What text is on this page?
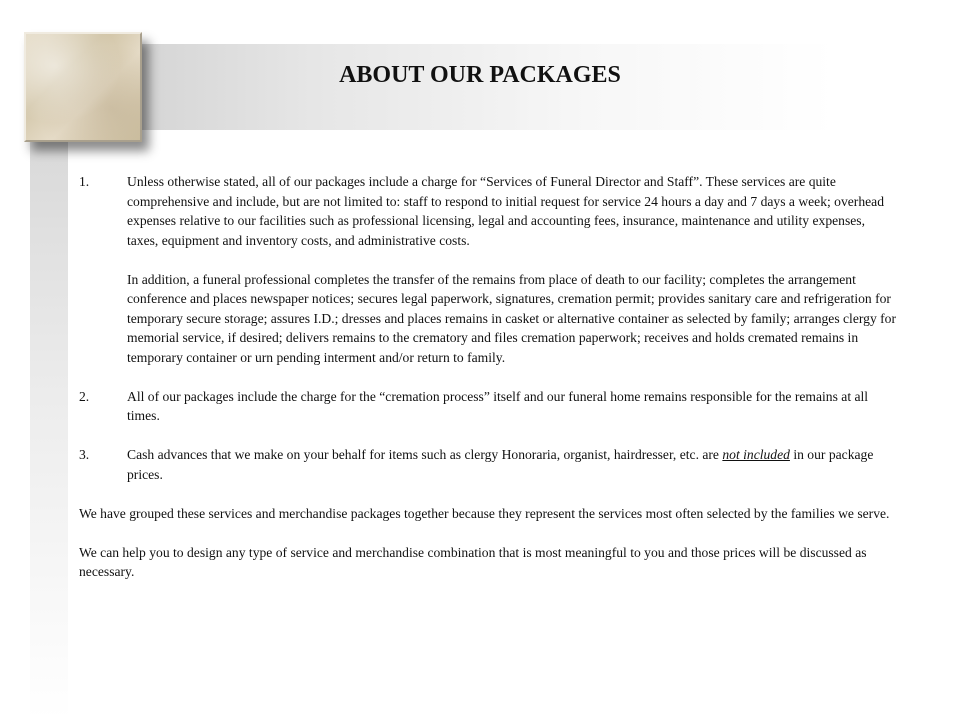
ABOUT OUR PACKAGES
1.	Unless otherwise stated, all of our packages include a charge for “Services of Funeral Director and Staff”. These services are quite comprehensive and include, but are not limited to: staff to respond to initial request for service 24 hours a day and 7 days a week; overhead expenses relative to our facilities such as professional licensing, legal and accounting fees, insurance, maintenance and utility expenses, taxes, equipment and inventory costs, and administrative costs.

In addition, a funeral professional completes the transfer of the remains from place of death to our facility; completes the arrangement conference and places newspaper notices; secures legal paperwork, signatures, cremation permit; provides sanitary care and refrigeration for temporary secure storage; assures I.D.; dresses and places remains in casket or alternative container as selected by family; arranges clergy for memorial service, if desired; delivers remains to the crematory and files cremation paperwork; receives and holds cremated remains in temporary container or urn pending interment and/or return to family.

2.	All of our packages include the charge for the “cremation process” itself and our funeral home remains responsible for the remains at all times.

3.	Cash advances that we make on your behalf for items such as clergy Honoraria, organist, hairdresser, etc. are not included in our package prices.

We have grouped these services and merchandise packages together because they represent the services most often selected by the families we serve.

We can help you to design any type of service and merchandise combination that is most meaningful to you and those prices will be discussed as necessary.
